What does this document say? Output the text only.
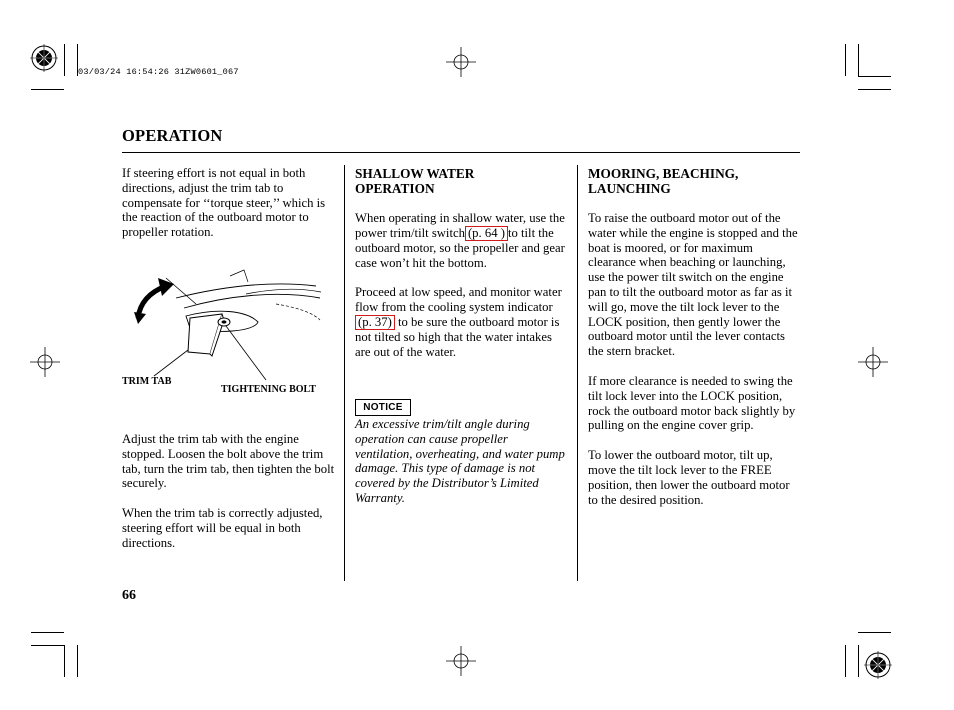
03/03/24 16:54:26 31ZW0601_067
OPERATION

If steering effort is not equal in both directions, adjust the trim tab to compensate for ‘‘torque steer,’’ which is the reaction of the outboard motor to propeller rotation.

TRIM TAB
TIGHTENING BOLT

Adjust the trim tab with the engine stopped. Loosen the bolt above the trim tab, turn the trim tab, then tighten the bolt securely.

When the trim tab is correctly adjusted, steering effort will be equal in both directions.

SHALLOW WATER
OPERATION

When operating in shallow water, use the power trim/tilt switch (p. 64 ) to tilt the outboard motor, so the propeller and gear case won’t hit the bottom.

Proceed at low speed, and monitor water flow from the cooling system indicator (p. 37) to be sure the outboard motor is not tilted so high that the water intakes are out of the water.

NOTICE
An excessive trim/tilt angle during operation can cause propeller ventilation, overheating, and water pump damage. This type of damage is not covered by the Distributor’s Limited Warranty.
MOORING, BEACHING,
LAUNCHING

To raise the outboard motor out of the water while the engine is stopped and the boat is moored, or for maximum clearance when beaching or launching, use the power tilt switch on the engine pan to tilt the outboard motor as far as it will go, move the tilt lock lever to the LOCK position, then gently lower the outboard motor until the lever contacts the stern bracket.

If more clearance is needed to swing the tilt lock lever into the LOCK position, rock the outboard motor back slightly by pulling on the engine cover grip.

To lower the outboard motor, tilt up, move the tilt lock lever to the FREE position, then lower the outboard motor to the desired position.

66
